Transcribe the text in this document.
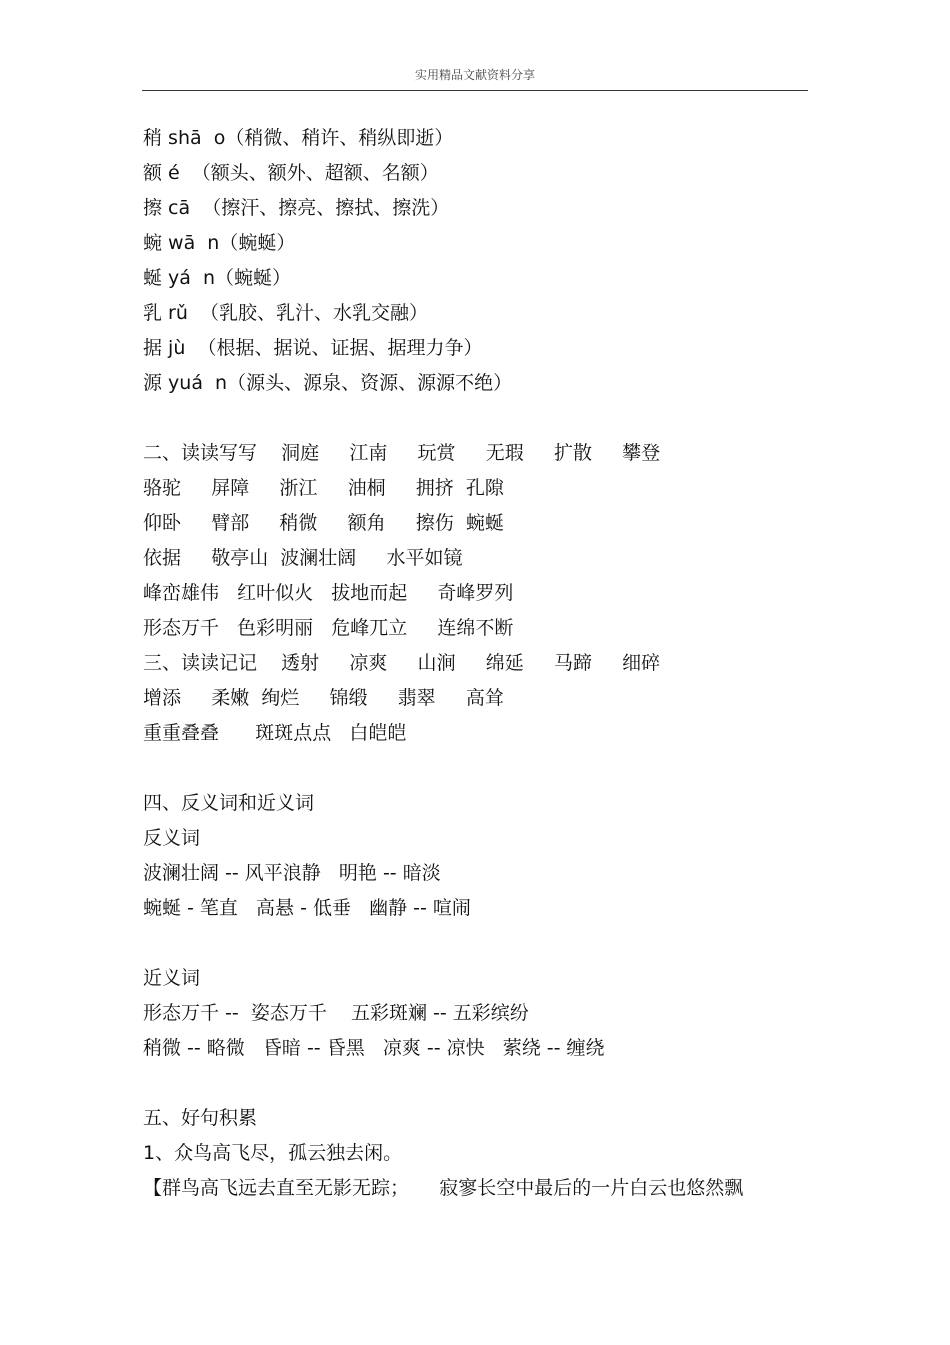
实用精品文献资料分享
稍 shā  o（稍微、稍许、稍纵即逝）
额 é  （额头、额外、超额、名额）
擦 cā  （擦汗、擦亮、擦拭、擦洗）
蜿 wā  n（蜿蜒）
蜒 yá  n（蜿蜒）
乳 rǔ  （乳胶、乳汁、水乳交融）
据 jù  （根据、据说、证据、据理力争）
源 yuá  n（源头、源泉、资源、源源不绝）
二、读读写写    洞庭     江南     玩赏     无瑕     扩散     攀登
骆驼     屏障     浙江     油桐     拥挤  孔隙
仰卧     臂部     稍微     额角     擦伤  蜿蜒
依据     敬亭山  波澜壮阔     水平如镜
峰峦雄伟   红叶似火   拔地而起     奇峰罗列
形态万千   色彩明丽   危峰兀立     连绵不断
三、读读记记    透射     凉爽     山涧     绵延     马蹄     细碎
增添     柔嫩  绚烂     锦缎     翡翠     高耸
重重叠叠      斑斑点点   白皑皑
四、反义词和近义词
反义词
波澜壮阔 -- 风平浪静   明艳 -- 暗淡
蜿蜒 - 笔直   高悬 - 低垂   幽静 -- 喧闹
近义词
形态万千 --  姿态万千    五彩斑斓 -- 五彩缤纷
稍微 -- 略微   昏暗 -- 昏黑   凉爽 -- 凉快   萦绕 -- 缠绕
五、好句积累
1、众鸟高飞尽，孤云独去闲。
【群鸟高飞远去直至无影无踪；     寂寥长空中最后的一片白云也悠然飘
